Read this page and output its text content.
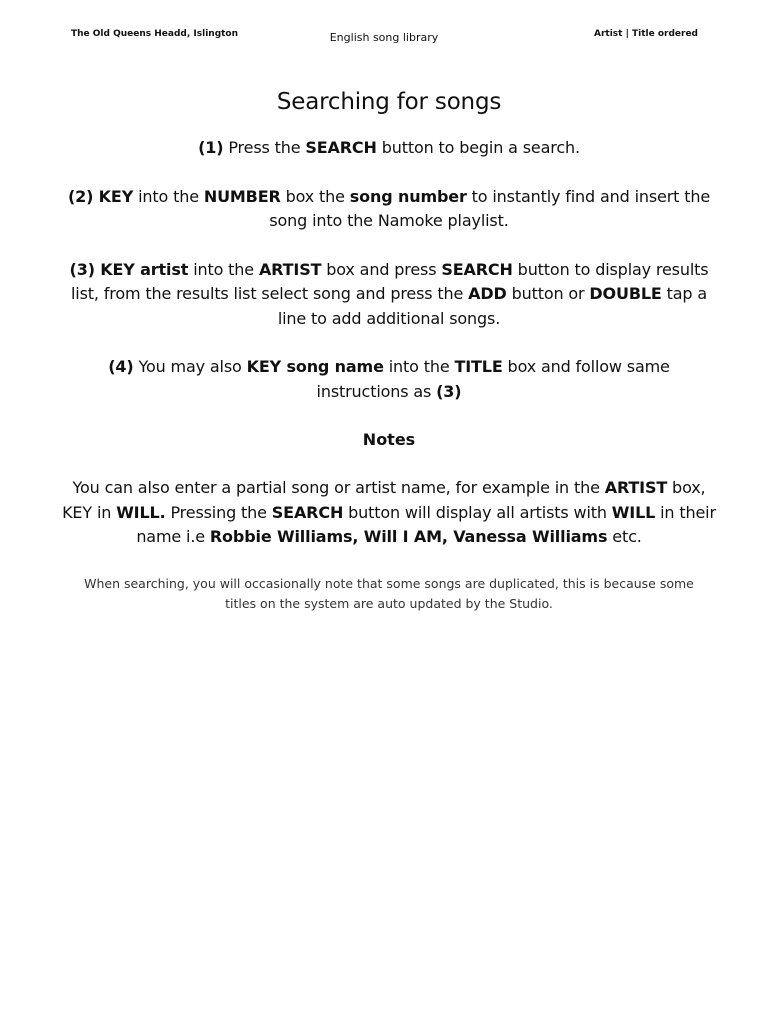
The Old Queens Headd, Islington	English song library	Artist | Title ordered
Searching for songs

(1) Press the SEARCH button to begin a search.

(2) KEY into the NUMBER box the song number to instantly find and insert the song into the Namoke playlist.

(3) KEY artist into the ARTIST box and press SEARCH button to display results list, from the results list select song and press the ADD button or DOUBLE tap a line to add additional songs.

(4) You may also KEY song name into the TITLE box and follow same instructions as (3)

Notes

You can also enter a partial song or artist name, for example in the ARTIST box, KEY in WILL. Pressing the SEARCH button will display all artists with WILL in their name i.e Robbie Williams, Will I AM, Vanessa Williams etc.

When searching, you will occasionally note that some songs are duplicated, this is because some titles on the system are auto updated by the Studio.
